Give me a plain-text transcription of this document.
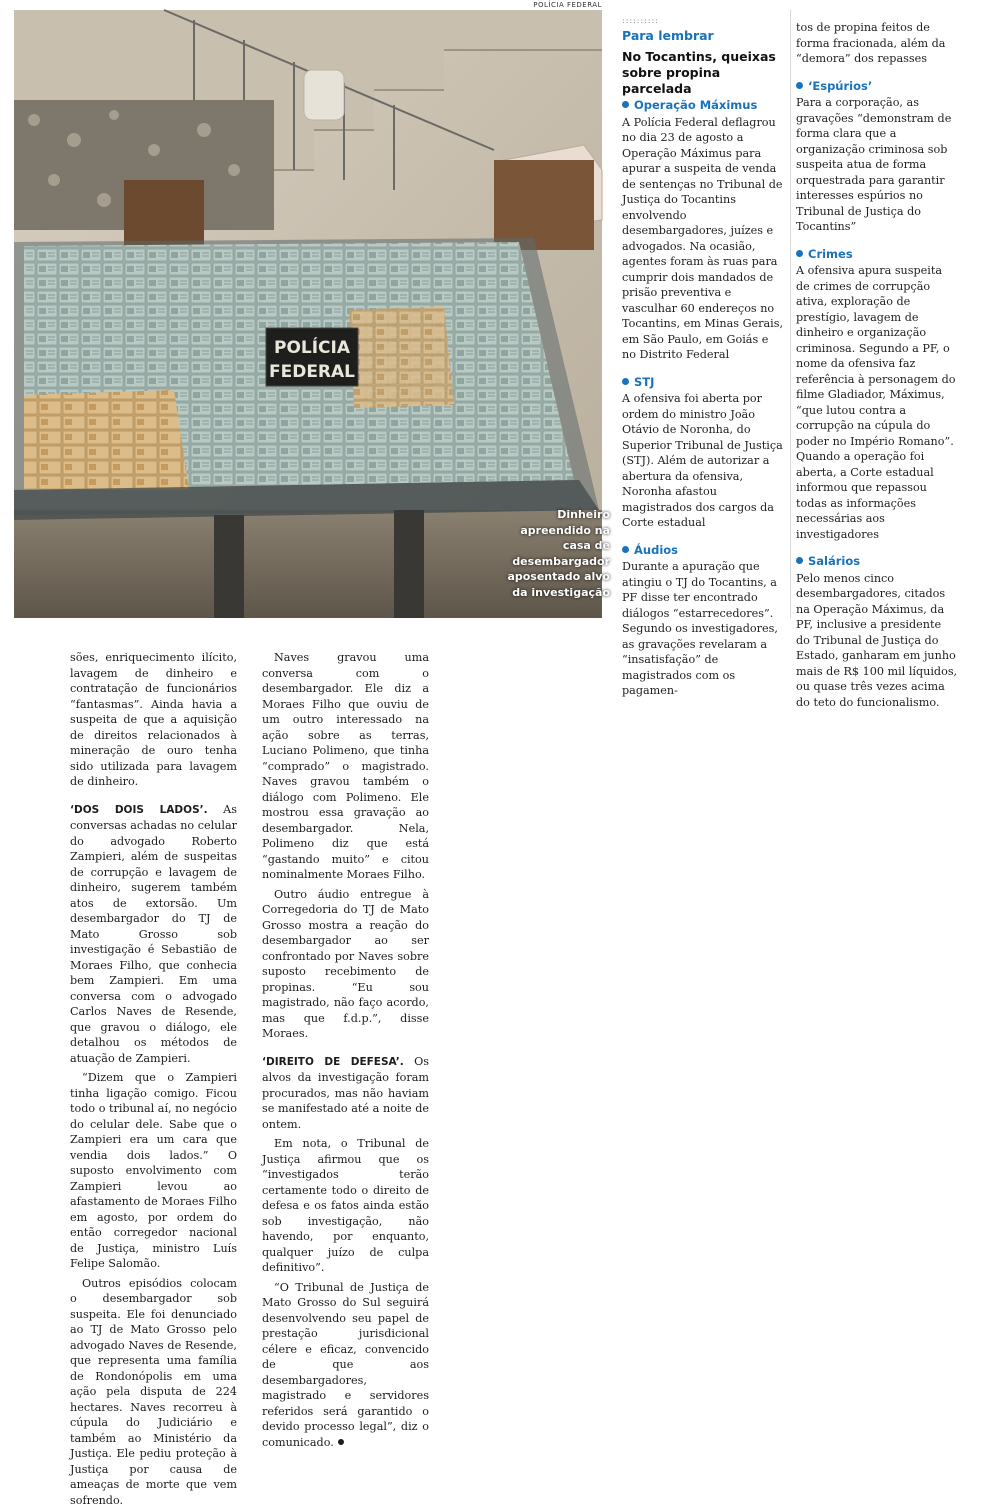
POLÍCIA FEDERAL
POLÍCIA
FEDERAL
Dinheiro apreendido na casa de desembargador aposentado alvo da investigação
::::::::::
Para lembrar
No Tocantins, queixas sobre propina parcelada
Operação Máximus

A Polícia Federal deflagrou no dia 23 de agosto a Operação Máximus para apurar a suspeita de venda de sentenças no Tribunal de Justiça do Tocantins envolvendo desembargadores, juízes e advogados. Na ocasião, agentes foram às ruas para cumprir dois mandados de prisão preventiva e vasculhar 60 endereços no Tocantins, em Minas Gerais, em São Paulo, em Goiás e no Distrito Federal

STJ

A ofensiva foi aberta por ordem do ministro João Otávio de Noronha, do Superior Tribunal de Justiça (STJ). Além de autorizar a abertura da ofensiva, Noronha afastou magistrados dos cargos da Corte estadual

Áudios

Durante a apuração que atingiu o TJ do Tocantins, a PF disse ter encontrado diálogos “estarrecedores”. Segundo os investigadores, as gravações revelaram a “insatisfação” de magistrados com os pagamen-

tos de propina feitos de forma fracionada, além da “demora” dos repasses

‘Espúrios’

Para a corporação, as gravações “demonstram de forma clara que a organização criminosa sob suspeita atua de forma orquestrada para garantir interesses espúrios no Tribunal de Justiça do Tocantins”

Crimes

A ofensiva apura suspeita de crimes de corrupção ativa, exploração de prestígio, lavagem de dinheiro e organização criminosa. Segundo a PF, o nome da ofensiva faz referência à personagem do filme Gladiador, Máximus, “que lutou contra a corrupção na cúpula do poder no Império Romano”. Quando a operação foi aberta, a Corte estadual informou que repassou todas as informações necessárias aos investigadores

Salários

Pelo menos cinco desembargadores, citados na Operação Máximus, da PF, inclusive a presidente do Tribunal de Justiça do Estado, ganharam em junho mais de R$ 100 mil líquidos, ou quase três vezes acima do teto do funcionalismo.

sões, enriquecimento ilícito, lavagem de dinheiro e contratação de funcionários “fantasmas”. Ainda havia a suspeita de que a aquisição de direitos relacionados à mineração de ouro tenha sido utilizada para lavagem de dinheiro.

‘DOS DOIS LADOS’. As conversas achadas no celular do advogado Roberto Zampieri, além de suspeitas de corrupção e lavagem de dinheiro, sugerem também atos de extorsão. Um desembargador do TJ de Mato Grosso sob investigação é Sebastião de Moraes Filho, que conhecia bem Zampieri. Em uma conversa com o advogado Carlos Naves de Resende, que gravou o diálogo, ele detalhou os métodos de atuação de Zampieri.

“Dizem que o Zampieri tinha ligação comigo. Ficou todo o tribunal aí, no negócio do celular dele. Sabe que o Zampieri era um cara que vendia dois lados.” O suposto envolvimento com Zampieri levou ao afastamento de Moraes Filho em agosto, por ordem do então corregedor nacional de Justiça, ministro Luís Felipe Salomão.

Outros episódios colocam o desembargador sob suspeita. Ele foi denunciado ao TJ de Mato Grosso pelo advogado Naves de Resende, que representa uma família de Rondonópolis em uma ação pela disputa de 224 hectares. Naves recorreu à cúpula do Judiciário e também ao Ministério da Justiça. Ele pediu proteção à Justiça por causa de ameaças de morte que vem sofrendo.

Naves gravou uma conversa com o desembargador. Ele diz a Moraes Filho que ouviu de um outro interessado na ação sobre as terras, Luciano Polimeno, que tinha “comprado” o magistrado. Naves gravou também o diálogo com Polimeno. Ele mostrou essa gravação ao desembargador. Nela, Polimeno diz que está “gastando muito” e citou nominalmente Moraes Filho.

Outro áudio entregue à Corregedoria do TJ de Mato Grosso mostra a reação do desembargador ao ser confrontado por Naves sobre suposto recebimento de propinas. “Eu sou magistrado, não faço acordo, mas que f.d.p.”, disse Moraes.

‘DIREITO DE DEFESA’. Os alvos da investigação foram procurados, mas não haviam se manifestado até a noite de ontem.

Em nota, o Tribunal de Justiça afirmou que os “investigados terão certamente todo o direito de defesa e os fatos ainda estão sob investigação, não havendo, por enquanto, qualquer juízo de culpa definitivo”.

“O Tribunal de Justiça de Mato Grosso do Sul seguirá desenvolvendo seu papel de prestação jurisdicional célere e eficaz, convencido de que aos desembargadores, magistrado e servidores referidos será garantido o devido processo legal”, diz o comunicado.
